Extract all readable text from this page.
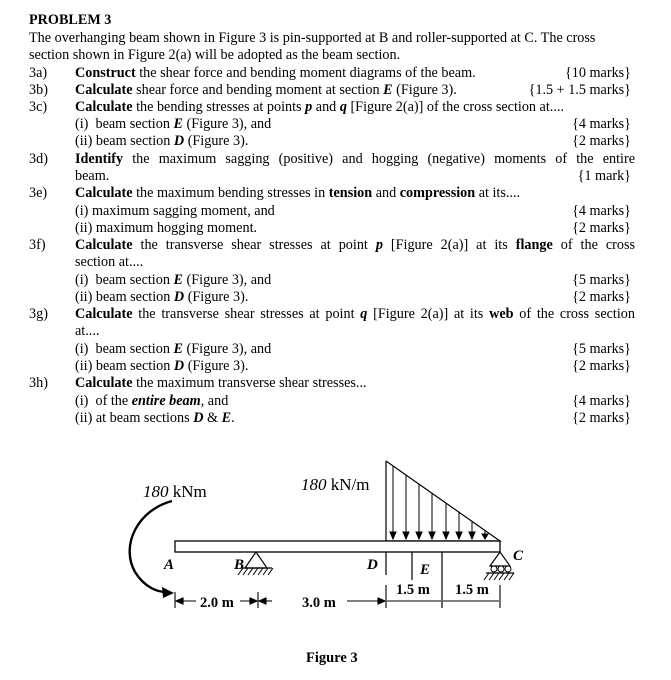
PROBLEM 3
The overhanging beam shown in Figure 3 is pin-supported at B and roller-supported at C. The cross
section shown in Figure 2(a) will be adopted as the beam section.
3a) Construct the shear force and bending moment diagrams of the beam.	{10 marks}
3b) Calculate shear force and bending moment at section E (Figure 3).	{1.5 + 1.5 marks}
3c) Calculate the bending stresses at points p and q [Figure 2(a)] of the cross section at....
(i)  beam section E (Figure 3), and	{4 marks}
(ii) beam section D (Figure 3).	{2 marks}
3d) Identify the maximum sagging (positive) and hogging (negative) moments of the entire
beam.	{1 mark}
3e) Calculate the maximum bending stresses in tension and compression at its....
(i) maximum sagging moment, and	{4 marks}
(ii) maximum hogging moment.	{2 marks}
3f) Calculate the transverse shear stresses at point p [Figure 2(a)] at its flange of the cross
section at....
(i)  beam section E (Figure 3), and	{5 marks}
(ii) beam section D (Figure 3).	{2 marks}
3g) Calculate the transverse shear stresses at point q [Figure 2(a)] at its web of the cross section
at....
(i)  beam section E (Figure 3), and	{5 marks}
(ii) beam section D (Figure 3).	{2 marks}
3h) Calculate the maximum transverse shear stresses...
(i)  of the entire beam, and	{4 marks}
(ii) at beam sections D & E.	{2 marks}
180 kNm	180 kN/m
A	B
C
D	E
2.0 m	3.0 m
1.5 m 1.5 m
Figure 3
